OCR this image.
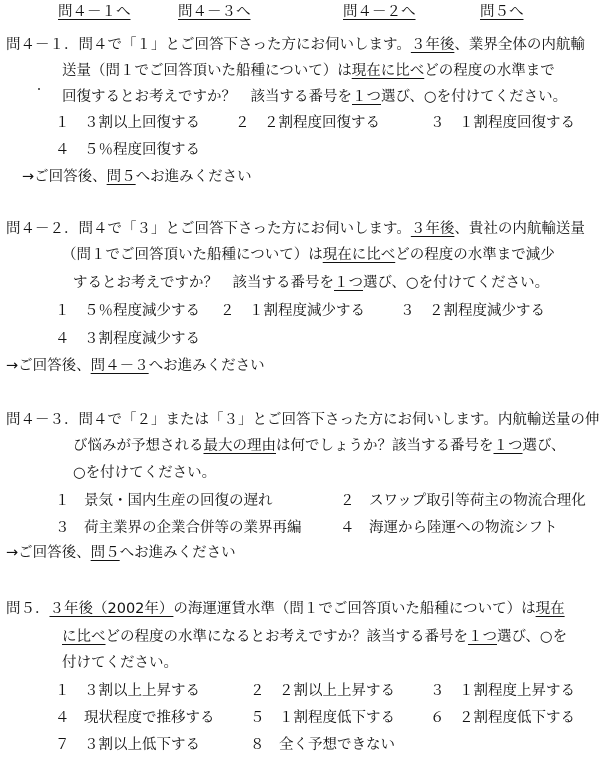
問４－１へ	問４－３へ	問４－２へ	問５へ
問４－１．問４で「１」とご回答下さった方にお伺いします。３年後、業界全体の内航輸
送量（問１でご回答頂いた船種について）は現在に比べどの程度の水準まで
回復するとお考えですか？　該当する番号を１つ選び、○を付けてください。
１　３割以上回復する ２　２割程度回復する	３　１割程度回復する
４　５％程度回復する
→ご回答後、問５へお進みください
問４－２．問４で「３」とご回答下さった方にお伺いします。３年後、貴社の内航輸送量
（問１でご回答頂いた船種について）は現在に比べどの程度の水準まで減少
するとお考えですか？　該当する番号を１つ選び、○を付けてください。
１　５％程度減少する ２　１割程度減少する ３　２割程度減少する
４　３割程度減少する
→ご回答後、問４－３へお進みください
問４－３．問４で「２」または「３」とご回答下さった方にお伺いします。内航輸送量の伸
び悩みが予想される最大の理由は何でしょうか？該当する番号を１つ選び、
○を付けてください。
１　景気・国内生産の回復の遅れ	２　スワップ取引等荷主の物流合理化
３　荷主業界の企業合併等の業界再編	４　海運から陸運への物流シフト
→ご回答後、問５へお進みください
問５．３年後（2002年）の海運運賃水準（問１でご回答頂いた船種について）は現在
に比べどの程度の水準になるとお考えですか？該当する番号を１つ選び、○を
付けてください。
１　３割以上上昇する	２　２割以上上昇する ３　１割程度上昇する
４　現状程度で推移する ５　１割程度低下する ６　２割程度低下する
７　３割以上低下する	８　全く予想できない
